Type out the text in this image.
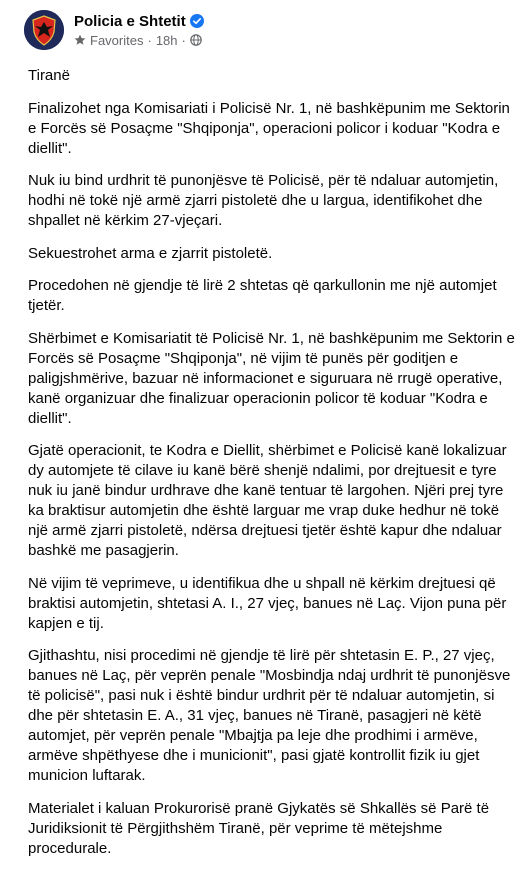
Policia e Shtetit
Favorites · 18h ·

Tiranë

Finalizohet nga Komisariati i Policisë Nr. 1, në bashkëpunim me Sektorin e Forcës së Posaçme "Shqiponja", operacioni policor i koduar "Kodra e diellit".

Nuk iu bind urdhrit të punonjësve të Policisë, për të ndaluar automjetin, hodhi në tokë një armë zjarri pistoletë dhe u largua, identifikohet dhe shpallet në kërkim 27-vjeçari.

Sekuestrohet arma e zjarrit pistoletë.

Procedohen në gjendje të lirë 2 shtetas që qarkullonin me një automjet tjetër.

Shërbimet e Komisariatit të Policisë Nr. 1, në bashkëpunim me Sektorin e Forcës së Posaçme "Shqiponja", në vijim të punës për goditjen e paligjshmërive, bazuar në informacionet e siguruara në rrugë operative, kanë organizuar dhe finalizuar operacionin policor të koduar "Kodra e diellit".

Gjatë operacionit, te Kodra e Diellit, shërbimet e Policisë kanë lokalizuar dy automjete të cilave iu kanë bërë shenjë ndalimi, por drejtuesit e tyre nuk iu janë bindur urdhrave dhe kanë tentuar të largohen. Njëri prej tyre ka braktisur automjetin dhe është larguar me vrap duke hedhur në tokë një armë zjarri pistoletë, ndërsa drejtuesi tjetër është kapur dhe ndaluar bashkë me pasagjerin.

Në vijim të veprimeve, u identifikua dhe u shpall në kërkim drejtuesi që braktisi automjetin, shtetasi A. I., 27 vjeç, banues në Laç. Vijon puna për kapjen e tij.

Gjithashtu, nisi procedimi në gjendje të lirë për shtetasin E. P., 27 vjeç, banues në Laç, për veprën penale "Mosbindja ndaj urdhrit të punonjësve të policisë", pasi nuk i është bindur urdhrit për të ndaluar automjetin, si dhe për shtetasin E. A., 31 vjeç, banues në Tiranë, pasagjeri në këtë automjet, për veprën penale "Mbajtja pa leje dhe prodhimi i armëve, armëve shpëthyese dhe i municionit", pasi gjatë kontrollit fizik iu gjet municion luftarak.

Materialet i kaluan Prokurorisë pranë Gjykatës së Shkallës së Parë të Juridiksionit të Përgjithshëm Tiranë, për veprime të mëtejshme procedurale.
